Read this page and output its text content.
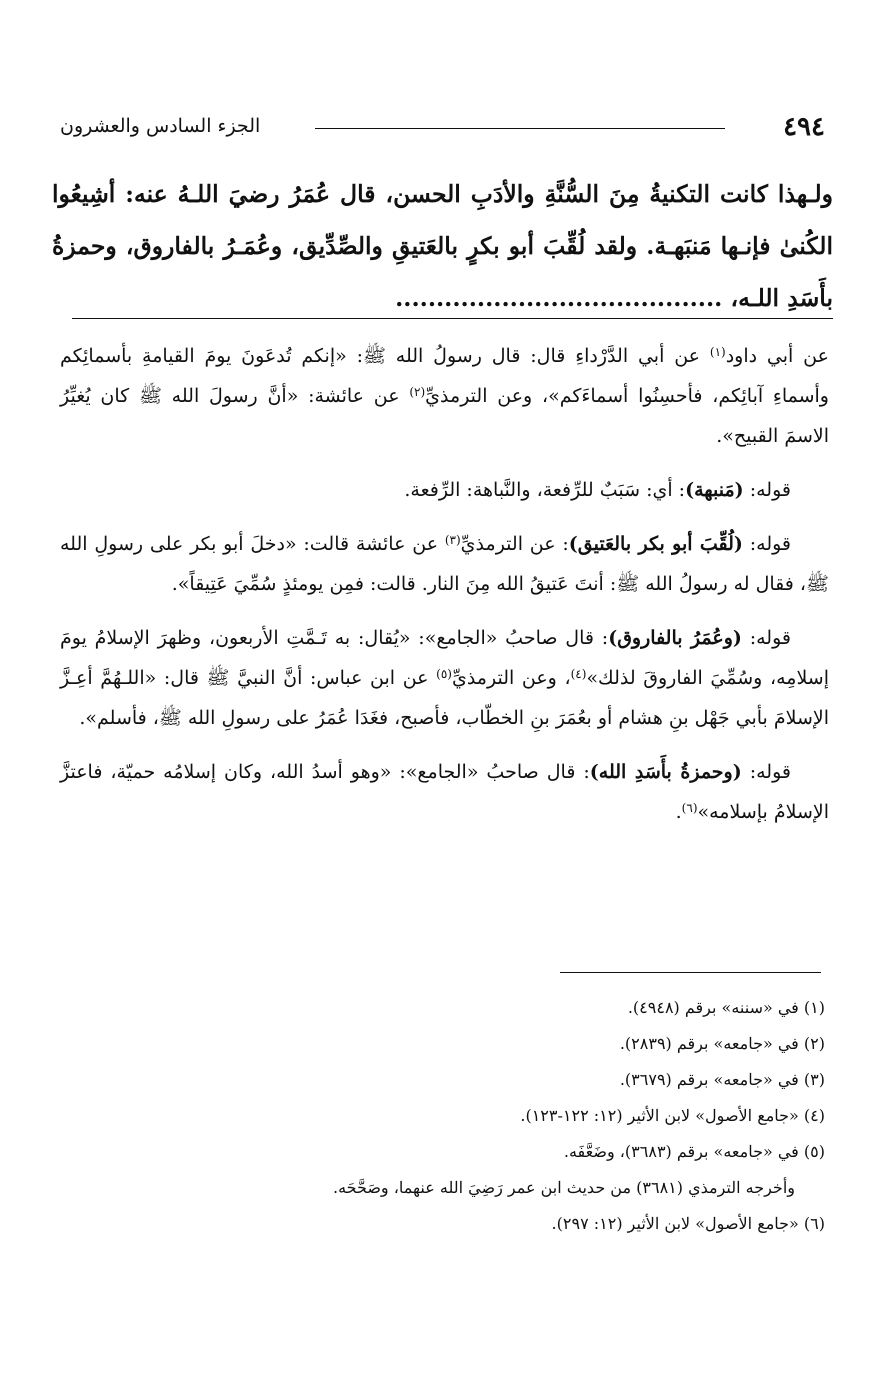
٤٩٤
الجزء السادس والعشرون
ولـهذا كانت التكنيةُ مِنَ السُّنَّةِ والأدَبِ الحسن، قال عُمَرُ رضيَ اللـهُ عنه: أشِيعُوا الكُنىٰ فإنـها مَنبَهـة. ولقد لُقِّبَ أبو بكرٍ بالعَتيقِ والصِّدِّيق، وعُمَـرُ بالفاروق، وحمزةُ بأَسَدِ اللـه، ........................................

عن أبي داود$^{(١)}$ عن أبي الدَّرْداءِ قال: قال رسولُ الله ﷺ: «إنكم تُدعَونَ يومَ القيامةِ بأسمائِكم وأسماءِ آبائِكم، فأحسِنُوا أسماءَكم»، وعن الترمذيِّ$^{(٢)}$ عن عائشة: «أنَّ رسولَ الله ﷺ كان يُغيِّرُ الاسمَ القبيح».

قوله: (مَنبهة): أي: سَبَبٌ للرِّفعة، والنَّباهة: الرِّفعة.

قوله: (لُقِّبَ أبو بكر بالعَتيق): عن الترمذيِّ$^{(٣)}$ عن عائشة قالت: «دخلَ أبو بكر على رسولِ الله ﷺ، فقال له رسولُ الله ﷺ: أنتَ عَتيقُ الله مِنَ النار. قالت: فمِن يومئذٍ سُمِّيَ عَتِيقاً».

قوله: (وعُمَرُ بالفاروق): قال صاحبُ «الجامع»: «يُقال: به تَـمَّتِ الأربعون، وظهرَ الإسلامُ يومَ إسلامِه، وسُمِّيَ الفاروقَ لذلك»$^{(٤)}$، وعن الترمذيِّ$^{(٥)}$ عن ابن عباس: أنَّ النبيَّ ﷺ قال: «اللـهُمَّ أعِـزَّ الإسلامَ بأبي جَهْل بنِ هشام أو بعُمَرَ بنِ الخطّاب، فأصبح، فغَدَا عُمَرُ على رسولِ الله ﷺ، فأسلم».

قوله: (وحمزةُ بأَسَدِ الله): قال صاحبُ «الجامع»: «وهو أسدُ الله، وكان إسلامُه حميّة، فاعتزَّ الإسلامُ بإسلامه»$^{(٦)}$.

(١) في «سننه» برقم (٤٩٤٨).

(٢) في «جامعه» برقم (٢٨٣٩).

(٣) في «جامعه» برقم (٣٦٧٩).

(٤) «جامع الأصول» لابن الأثير (١٢: ١٢٢-١٢٣).

(٥) في «جامعه» برقم (٣٦٨٣)، وضَعَّفَه.

وأخرجه الترمذي (٣٦٨١) من حديث ابن عمر رَضِيَ الله عنهما، وصَحَّحَه.

(٦) «جامع الأصول» لابن الأثير (١٢: ٢٩٧).
